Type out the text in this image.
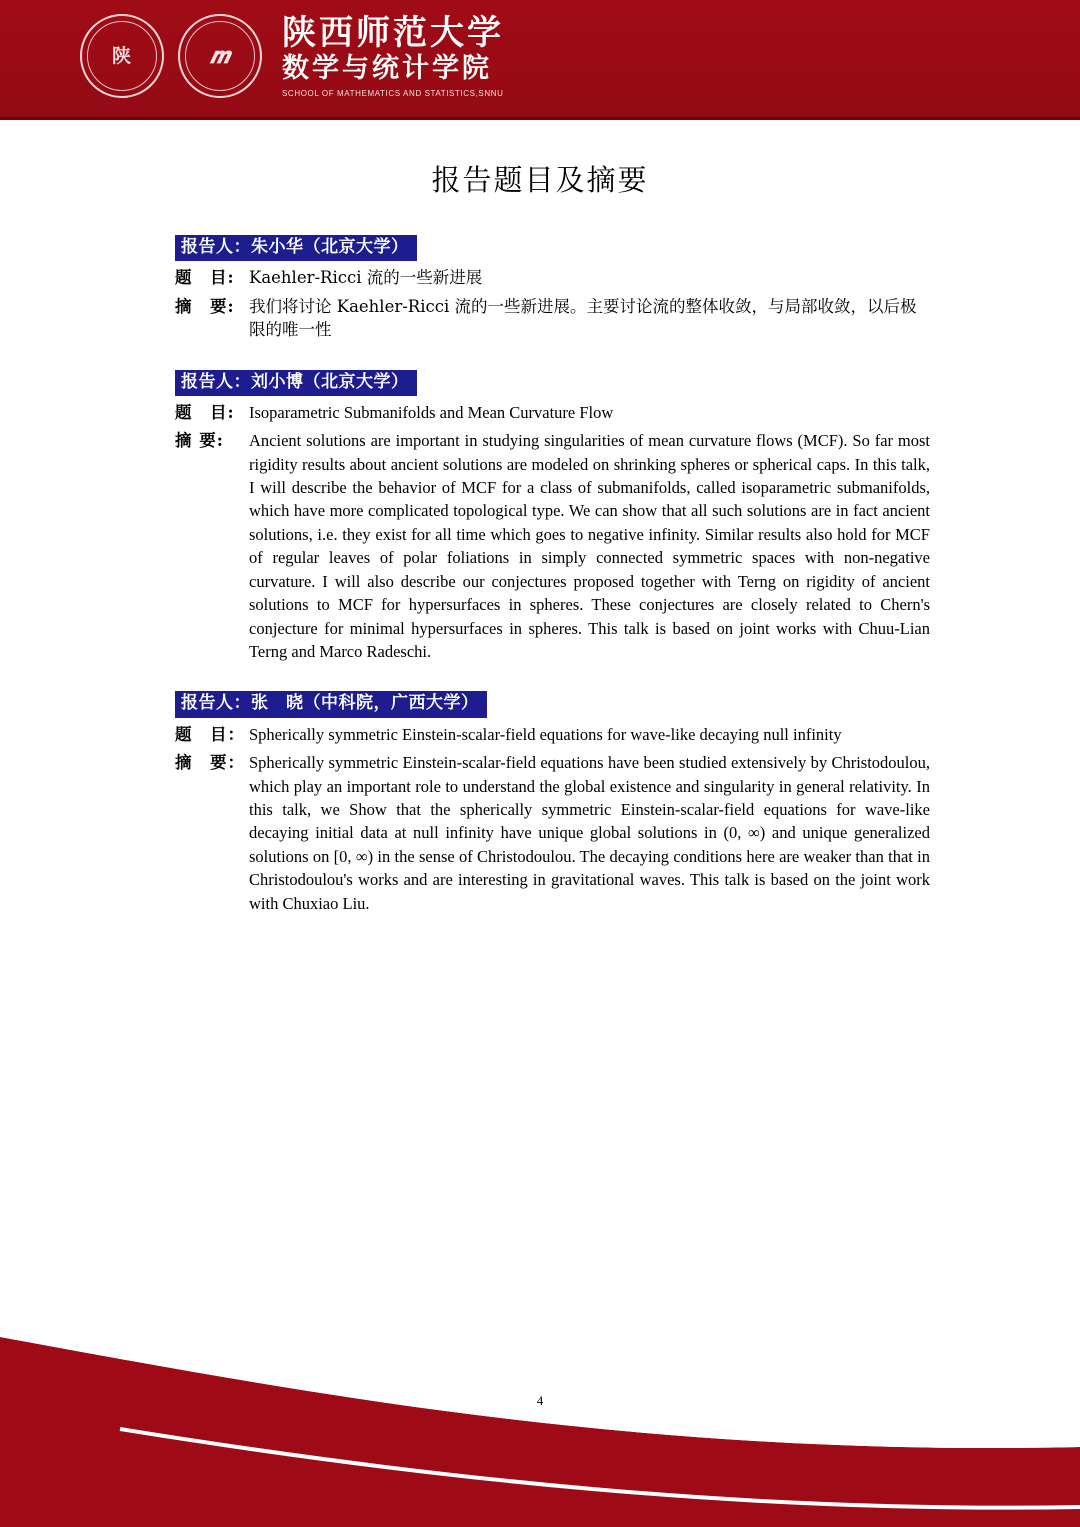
陕	𝒎
陕西师范大学
数学与统计学院
SCHOOL OF MATHEMATICS AND STATISTICS,SNNU
报告题目及摘要
报告人：朱小华（北京大学）
题　目: Kaehler-Ricci 流的一些新进展
摘　要: 我们将讨论 Kaehler-Ricci 流的一些新进展。主要讨论流的整体收敛，与局部收敛，以后极限的唯一性
报告人：刘小博（北京大学）
题　目: Isoparametric Submanifolds and Mean Curvature Flow
摘 要:	Ancient solutions are important in studying singularities of mean curvature flows (MCF). So far most rigidity results about ancient solutions are modeled on shrinking spheres or spherical caps. In this talk, I will describe the behavior of MCF for a class of submanifolds, called isoparametric submanifolds, which have more complicated topological type. We can show that all such solutions are in fact ancient solutions, i.e. they exist for all time which goes to negative infinity. Similar results also hold for MCF of regular leaves of polar foliations in simply connected symmetric spaces with non-negative curvature. I will also describe our conjectures proposed together with Terng on rigidity of ancient solutions to MCF for hypersurfaces in spheres. These conjectures are closely related to Chern's conjecture for minimal hypersurfaces in spheres. This talk is based on joint works with Chuu-Lian Terng and Marco Radeschi.
报告人：张　晓（中科院，广西大学）
题　目： Spherically symmetric Einstein-scalar-field equations for wave-like decaying null infinity
摘　要： Spherically symmetric Einstein-scalar-field equations have been studied extensively by Christodoulou, which play an important role to understand the global existence and singularity in general relativity. In this talk, we Show that the spherically symmetric Einstein-scalar-field equations for wave-like decaying initial data at null infinity have unique global solutions in (0, ∞) and unique generalized solutions on [0, ∞) in the sense of Christodoulou. The decaying conditions here are weaker than that in Christodoulou's works and are interesting in gravitational waves. This talk is based on the joint work with Chuxiao Liu.
4
